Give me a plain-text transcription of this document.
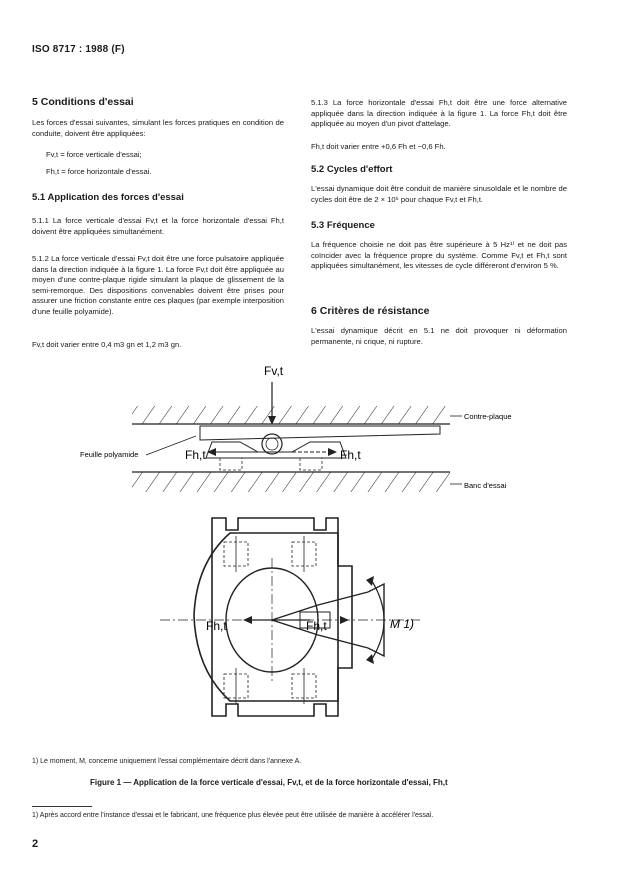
ISO 8717 : 1988 (F)
5 Conditions d'essai
Les forces d'essai suivantes, simulant les forces pratiques en condition de conduite, doivent être appliquées:
Fv,t = force verticale d'essai;
Fh,t = force horizontale d'essai.
5.1 Application des forces d'essai
5.1.1 La force verticale d'essai Fv,t et la force horizontale d'essai Fh,t doivent être appliquées simultanément.
5.1.2 La force verticale d'essai Fv,t doit être une force pulsatoire appliquée dans la direction indiquée à la figure 1. La force Fv,t doit être appliquée au moyen d'une contre-plaque rigide simulant la plaque de glissement de la semi-remorque. Des dispositions convenables doivent être prises pour assurer une friction constante entre ces plaques (par exemple interposition d'une feuille polyamide).
Fv,t doit varier entre 0,4 m3 gn et 1,2 m3 gn.
5.1.3 La force horizontale d'essai Fh,t doit être une force alternative appliquée dans la direction indiquée à la figure 1. La force Fh,t doit être appliquée au moyen d'un pivot d'attelage.
Fh,t doit varier entre +0,6 Fh et −0,6 Fh.
5.2 Cycles d'effort
L'essai dynamique doit être conduit de manière sinusoïdale et le nombre de cycles doit être de 2 × 10⁶ pour chaque Fv,t et Fh,t.
5.3 Fréquence
La fréquence choisie ne doit pas être supérieure à 5 Hz¹⁾ et ne doit pas coïncider avec la fréquence propre du système. Comme Fv,t et Fh,t sont appliquées simultanément, les vitesses de cycle différeront d'environ 5 %.
6 Critères de résistance
L'essai dynamique décrit en 5.1 ne doit provoquer ni déformation permanente, ni crique, ni rupture.
Fv,t
Contre-plaque
Feuille polyamide	Fh,t	Fh,t
Banc d'essai
Fh,t	Fh,t	M 1)
1) Le moment, M, concerne uniquement l'essai complémentaire décrit dans l'annexe A.
Figure 1 — Application de la force verticale d'essai, Fv,t, et de la force horizontale d'essai, Fh,t
1) Après accord entre l'instance d'essai et le fabricant, une fréquence plus élevée peut être utilisée de manière à accélérer l'essai.
2
